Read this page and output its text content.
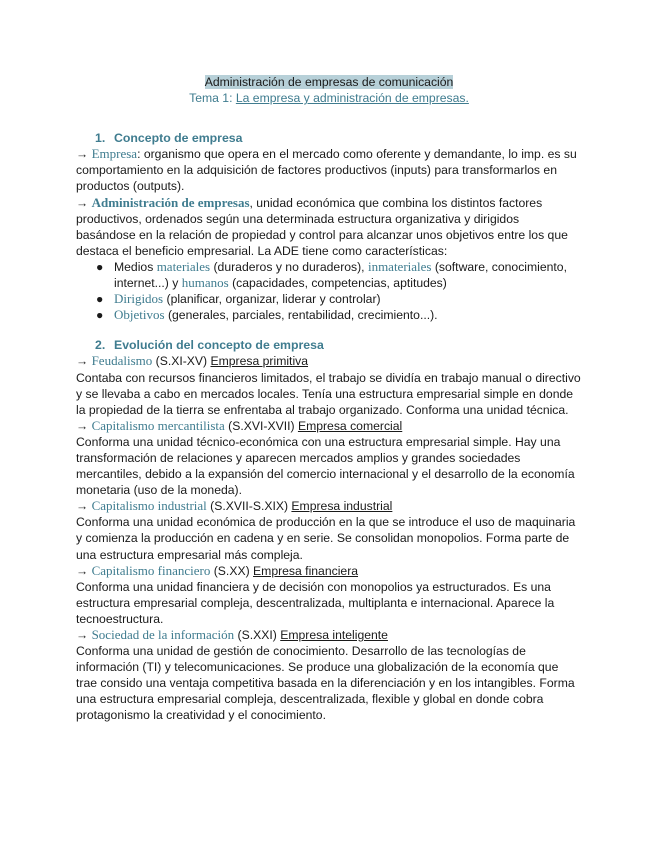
Administración de empresas de comunicación
Tema 1: La empresa y administración de empresas.
1. Concepto de empresa

→ Empresa: organismo que opera en el mercado como oferente y demandante, lo imp. es su comportamiento en la adquisición de factores productivos (inputs) para transformarlos en productos (outputs).

→ Administración de empresas, unidad económica que combina los distintos factores productivos, ordenados según una determinada estructura organizativa y dirigidos basándose en la relación de propiedad y control para alcanzar unos objetivos entre los que destaca el beneficio empresarial. La ADE tiene como características:

● Medios materiales (duraderos y no duraderos), inmateriales (software, conocimiento, internet...) y humanos (capacidades, competencias, aptitudes)
● Dirigidos (planificar, organizar, liderar y controlar)
● Objetivos (generales, parciales, rentabilidad, crecimiento...).
2. Evolución del concepto de empresa

→ Feudalismo (S.XI-XV) Empresa primitiva

Contaba con recursos financieros limitados, el trabajo se dividía en trabajo manual o directivo y se llevaba a cabo en mercados locales. Tenía una estructura empresarial simple en donde la propiedad de la tierra se enfrentaba al trabajo organizado. Conforma una unidad técnica.

→ Capitalismo mercantilista (S.XVI-XVII) Empresa comercial

Conforma una unidad técnico-económica con una estructura empresarial simple. Hay una transformación de relaciones y aparecen mercados amplios y grandes sociedades mercantiles, debido a la expansión del comercio internacional y el desarrollo de la economía monetaria (uso de la moneda).

→ Capitalismo industrial (S.XVII-S.XIX) Empresa industrial

Conforma una unidad económica de producción en la que se introduce el uso de maquinaria y comienza la producción en cadena y en serie. Se consolidan monopolios. Forma parte de una estructura empresarial más compleja.

→ Capitalismo financiero (S.XX) Empresa financiera

Conforma una unidad financiera y de decisión con monopolios ya estructurados. Es una estructura empresarial compleja, descentralizada, multiplanta e internacional. Aparece la tecnoestructura.

→ Sociedad de la información (S.XXI) Empresa inteligente

Conforma una unidad de gestión de conocimiento. Desarrollo de las tecnologías de información (TI) y telecomunicaciones. Se produce una globalización de la economía que trae consido una ventaja competitiva basada en la diferenciación y en los intangibles. Forma una estructura empresarial compleja, descentralizada, flexible y global en donde cobra protagonismo la creatividad y el conocimiento.
